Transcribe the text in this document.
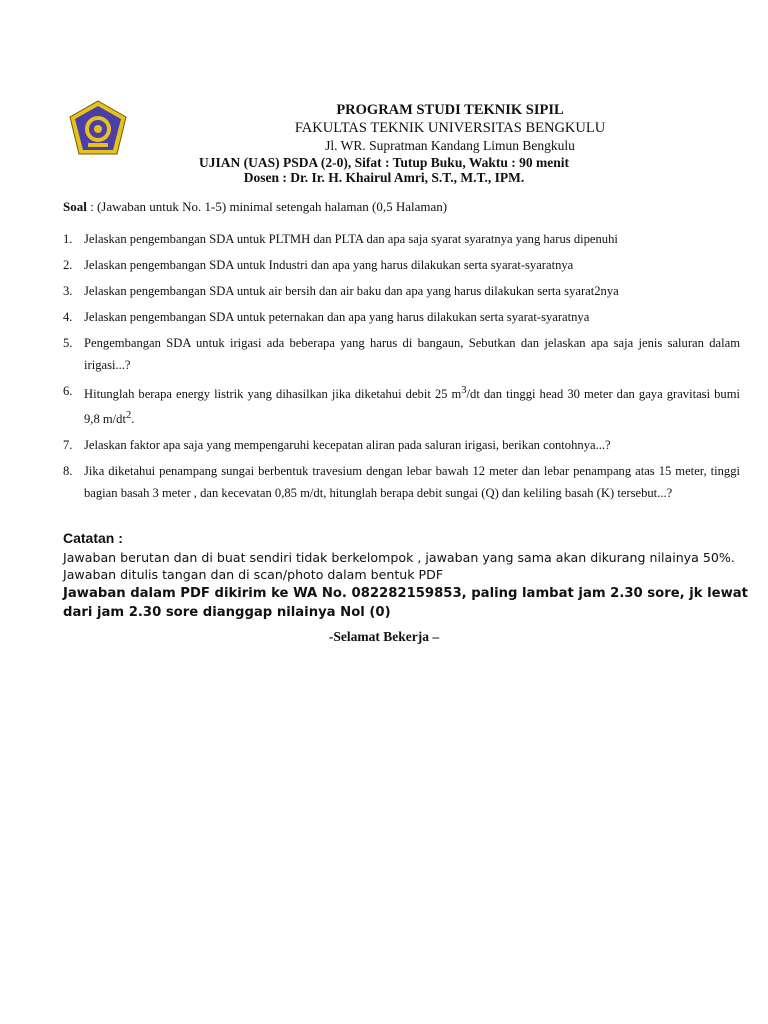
PROGRAM STUDI TEKNIK SIPIL
FAKULTAS TEKNIK UNIVERSITAS BENGKULU
Jl. WR. Supratman Kandang Limun Bengkulu
UJIAN (UAS) PSDA (2-0), Sifat : Tutup Buku, Waktu : 90 menit
Dosen : Dr. Ir. H. Khairul Amri, S.T., M.T., IPM.
Soal : (Jawaban untuk No. 1-5) minimal setengah halaman (0,5 Halaman)
1. Jelaskan pengembangan SDA untuk PLTMH dan PLTA dan apa saja syarat syaratnya yang harus dipenuhi
2. Jelaskan pengembangan SDA untuk Industri dan apa yang harus dilakukan serta syarat-syaratnya
3. Jelaskan pengembangan SDA untuk air bersih dan air baku dan apa yang harus dilakukan serta syarat2nya
4. Jelaskan pengembangan SDA untuk peternakan dan apa yang harus dilakukan serta syarat-syaratnya
5. Pengembangan SDA untuk irigasi ada beberapa yang harus di bangaun, Sebutkan dan jelaskan apa saja jenis saluran dalam irigasi...?
6. Hitunglah berapa energy listrik yang dihasilkan jika diketahui debit 25 $m^3/dt$ dan tinggi head 30 meter dan gaya gravitasi bumi 9,8 $m/dt^2$.
7. Jelaskan faktor apa saja yang mempengaruhi kecepatan aliran pada saluran irigasi, berikan contohnya...?
8. Jika diketahui penampang sungai berbentuk travesium dengan lebar bawah 12 meter dan lebar penampang atas 15 meter, tinggi bagian basah 3 meter , dan kecevatan 0,85 m/dt, hitunglah berapa debit sungai (Q) dan keliling basah (K) tersebut...?
Catatan :
Jawaban berutan dan di buat sendiri tidak berkelompok , jawaban yang sama akan dikurang nilainya 50%.
Jawaban ditulis tangan dan di scan/photo dalam bentuk PDF
Jawaban dalam PDF dikirim ke WA No. 082282159853, paling lambat jam 2.30 sore, jk lewat dari jam 2.30 sore dianggap nilainya Nol (0)
-Selamat Bekerja –
